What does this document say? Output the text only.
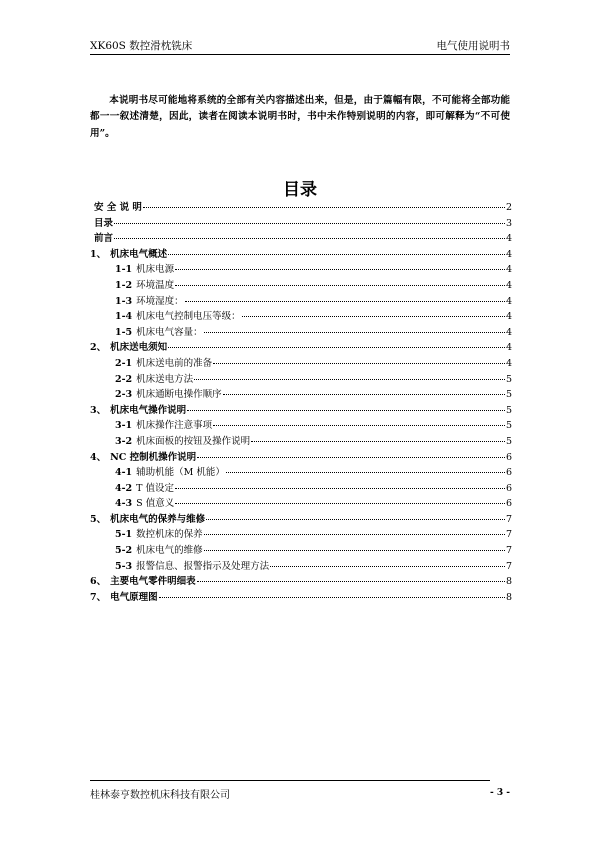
XK60S 数控滑枕铣床	电气使用说明书

本说明书尽可能地将系统的全部有关内容描述出来，但是，由于篇幅有限，不可能将全部功能都一一叙述清楚，因此，读者在阅读本说明书时，书中未作特别说明的内容，即可解释为“不可使用”。

目录
安 全 说 明	2
目录	3
前言	4
1、 机床电气概述	4
1-1 机床电源	4
1-2 环境温度	4
1-3 环境湿度：	4
1-4 机床电气控制电压等级：	4
1-5 机床电气容量：	4
2、 机床送电须知	4
2-1 机床送电前的准备	4
2-2 机床送电方法	5
2-3 机床通断电操作顺序	5
3、 机床电气操作说明	5
3-1 机床操作注意事项	5
3-2 机床面板的按钮及操作说明	5
4、 NC 控制机操作说明	6
4-1 辅助机能（M 机能）	6
4-2 T 值设定	6
4-3 S 值意义	6
5、 机床电气的保养与维修	7
5-1 数控机床的保养	7
5-2 机床电气的维修	7
5-3 报警信息、报警指示及处理方法	7
6、 主要电气零件明细表	8
7、 电气原理图	8
桂林泰亨数控机床科技有限公司	- 3 -
